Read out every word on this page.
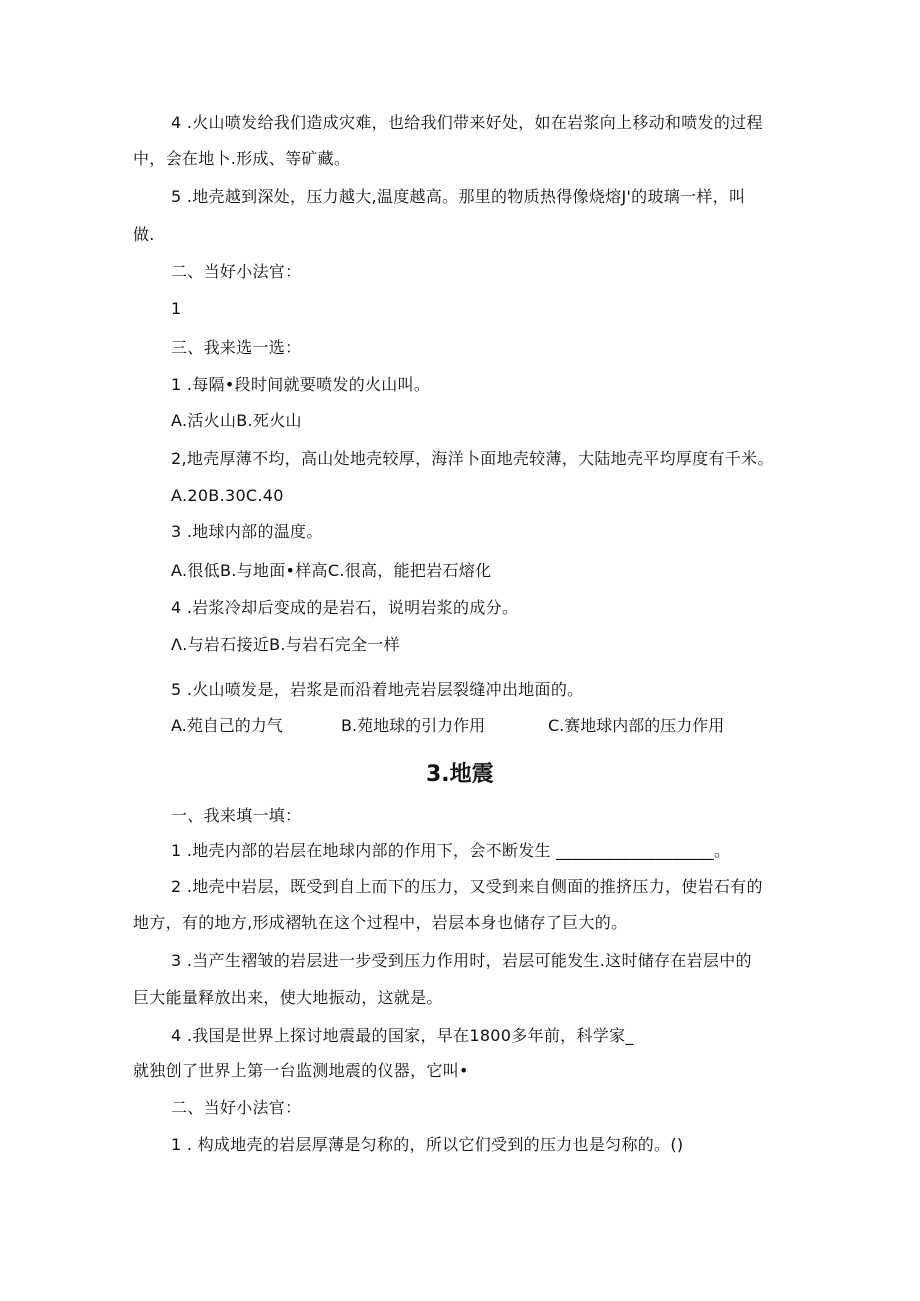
4 .火山喷发给我们造成灾难，也给我们带来好处，如在岩浆向上移动和喷发的过程

中，会在地卜.形成、等矿藏。

5 .地壳越到深处，压力越大,温度越高。那里的物质热得像烧熔J'的玻璃一样，叫

做.

二、当好小法官：

1

三、我来选一选：

1 .每隔•段时间就要喷发的火山叫。

A.活火山B.死火山

2,地壳厚薄不均，高山处地壳较厚，海洋卜面地壳较薄，大陆地壳平均厚度有千米。

A.20B.30C.40

3 .地球内部的温度。

A.很低B.与地面•样高C.很高，能把岩石熔化

4 .岩浆冷却后变成的是岩石，说明岩浆的成分。

Λ.与岩石接近B.与岩石完全一样

5 .火山喷发是，岩浆是而沿着地壳岩层裂缝冲出地面的。

A.苑自己的力气	B.苑地球的引力作用	C.赛地球内部的压力作用
3.地震

一、我来填一填：

1 .地壳内部的岩层在地球内部的作用下，会不断发生 ___________________。

2 .地壳中岩层，既受到自上而下的压力，又受到来自侧面的推挤压力，使岩石有的

地方，有的地方,形成褶轨在这个过程中，岩层本身也储存了巨大的。

3 .当产生褶皱的岩层进一步受到压力作用时，岩层可能发生.这时储存在岩层中的

巨大能量释放出来，使大地振动，这就是。

4 .我国是世界上探讨地震最的国家，早在1800多年前，科学家_

就独创了世界上第一台监测地震的仪器，它叫•

二、当好小法官：

1 . 构成地壳的岩层厚薄是匀称的，所以它们受到的压力也是匀称的。()
